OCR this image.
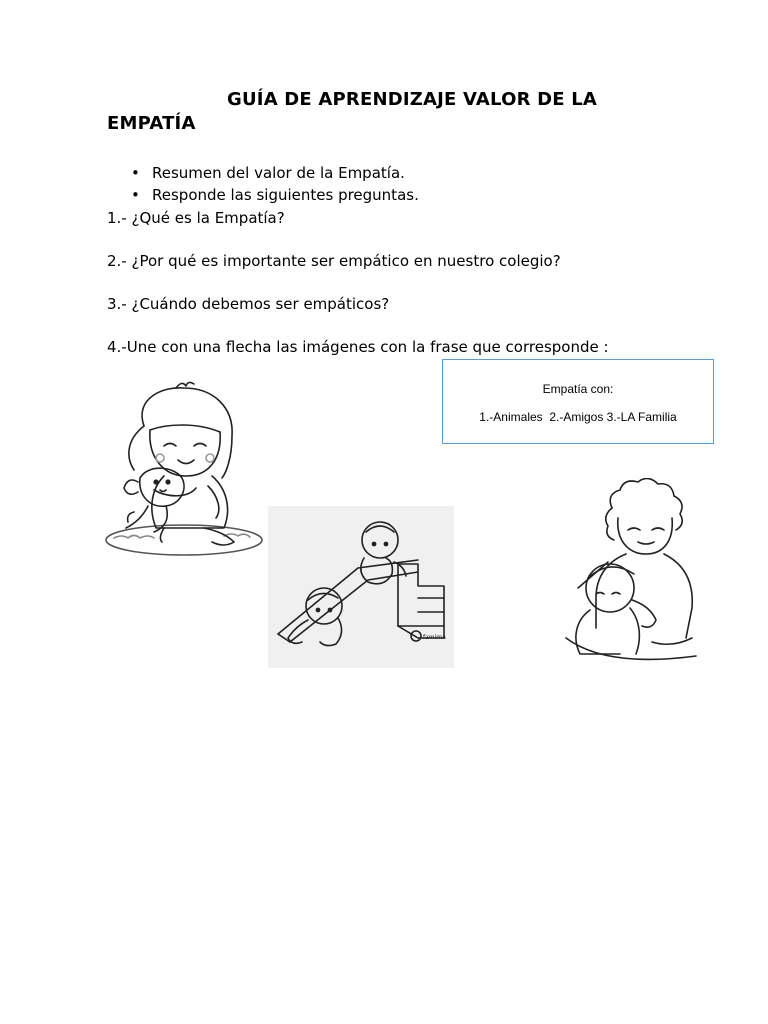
GUÍA DE APRENDIZAJE VALOR DE LA
EMPATÍA
• Resumen del valor de la Empatía.
• Responde las siguientes preguntas.
1.- ¿Qué es la Empatía?
2.- ¿Por qué es importante ser empático en nuestro colegio?
3.- ¿Cuándo debemos ser empáticos?
4.-Une con una flecha las imágenes con la frase que corresponde :
Empatía con:
1.-Animales  2.-Amigos 3.-LA Familia
famima
